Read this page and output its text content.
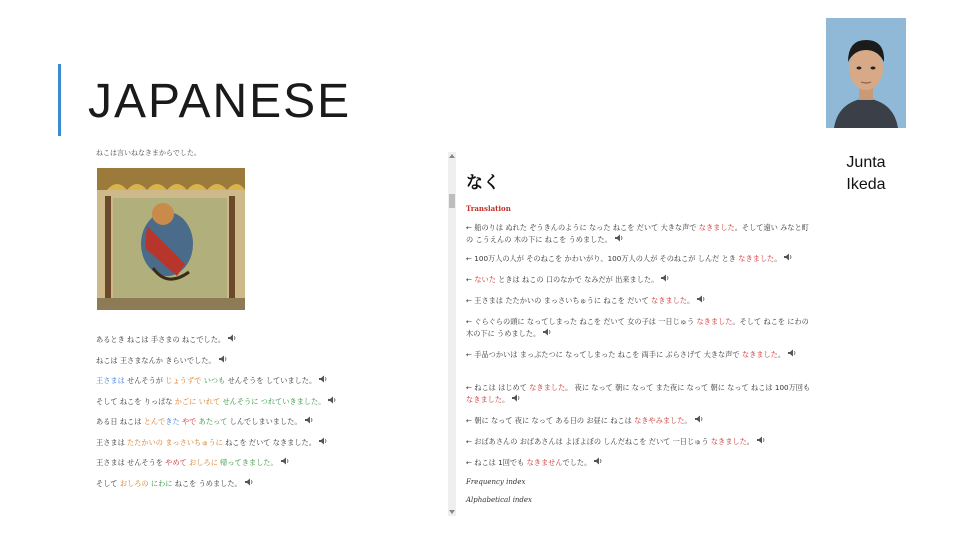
JAPANESE
Junta Ikeda
ねこは言いねなきまからでした。
あるとき ねこは 手さまの ねこでした。
ねこは 王さまなんか きらいでした。
王さまは せんそうが じょうずで いつも せんそうを していました。
そして ねこを りっぱな かごに いれて せんそうに つれていきました。
ある日 ねこは とんできた やで あたって しんでしまいました。
王さまは たたかいの まっさいちゅうに ねこを だいて なきました。
王さまは せんそうを やめて おしろに 帰ってきました。
そして おしろの にわに ねこを うめました。
なく
Translation
← 船のりは ぬれた ぞうきんのように なった ねこを だいて 大きな声で なきました。そして遠い みなと町の こうえんの 木の下に ねこを うめました。
← 100万人の人が そのねこを かわいがり、100万人の人が そのねこが しんだ とき なきました。
← ないた ときは ねこの 口のなかで なみだが 出来ました。
← 王さまは たたかいの まっさいちゅうに ねこを だいて なきました。
← ぐらぐらの頭に なってしまった ねこを だいて 女の子は 一日じゅう なきました。そして ねこを にわの 木の下に うめました。
← 手品つかいは まっぷたつに なってしまった ねこを 両手に ぶらさげて 大きな声で なきました。
← ねこは はじめて なきました。 夜に なって 朝に なって また夜に なって 朝に なって ねこは 100万回も なきました。
← 朝に なって 夜に なって ある日の お昼に ねこは なきやみました。
← おばあさんの おばあさんは よぼよぼの しんだねこを だいて 一日じゅう なきました。
← ねこは 1回でも なきませんでした。
Frequency index
Alphabetical index
